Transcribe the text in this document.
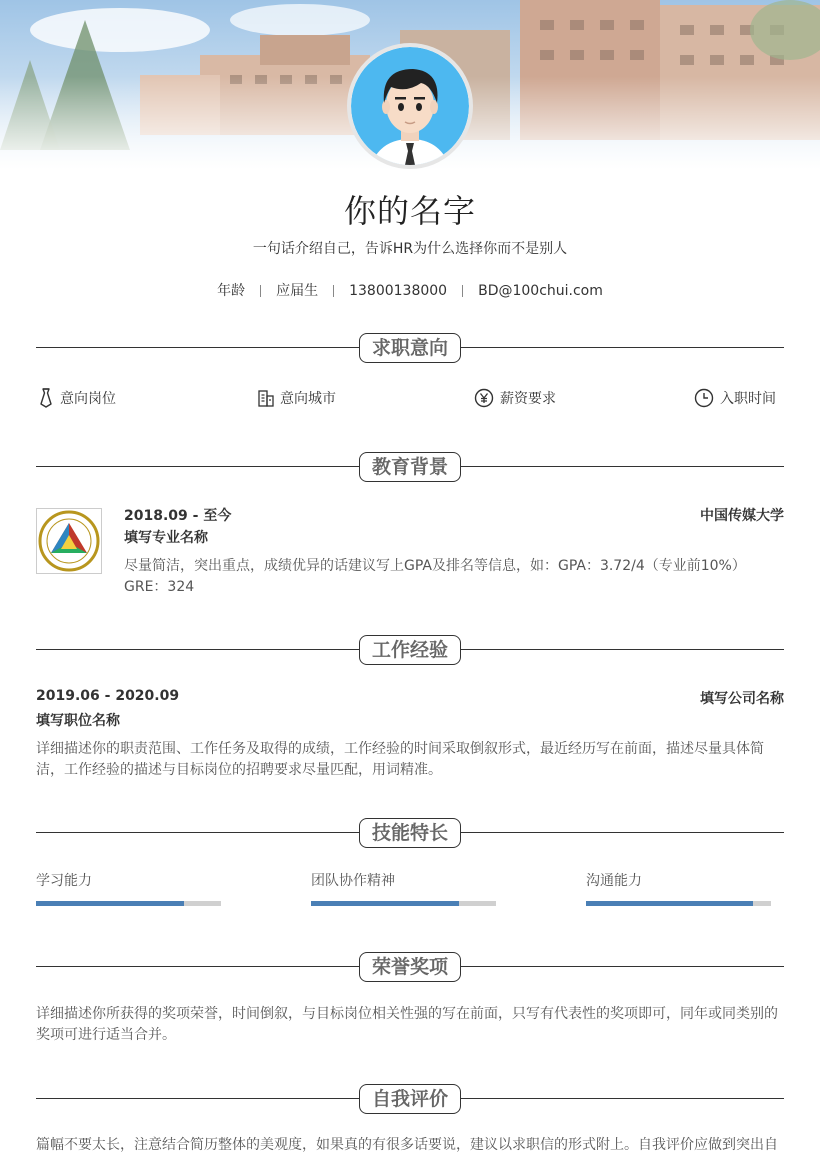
你的名字
一句话介绍自己，告诉HR为什么选择你而不是别人
年龄 应届生 13800138000 BD@100chui.com
求职意向
意向岗位	意向城市	薪资要求	入职时间
教育背景
2018.09 - 至今	中国传媒大学
填写专业名称
尽量简洁，突出重点，成绩优异的话建议写上GPA及排名等信息，如：GPA：3.72/4（专业前10%） GRE：324
工作经验
2019.06 - 2020.09	填写公司名称
填写职位名称
详细描述你的职责范围、工作任务及取得的成绩，工作经验的时间采取倒叙形式，最近经历写在前面，描述尽量具体简洁，工作经验的描述与目标岗位的招聘要求尽量匹配，用词精准。
技能特长
学习能力	团队协作精神	沟通能力
荣誉奖项
详细描述你所获得的奖项荣誉，时间倒叙，与目标岗位相关性强的写在前面，只写有代表性的奖项即可，同年或同类别的奖项可进行适当合并。
自我评价
篇幅不要太长，注意结合简历整体的美观度，如果真的有很多话要说，建议以求职信的形式附上。自我评价应做到突出自
